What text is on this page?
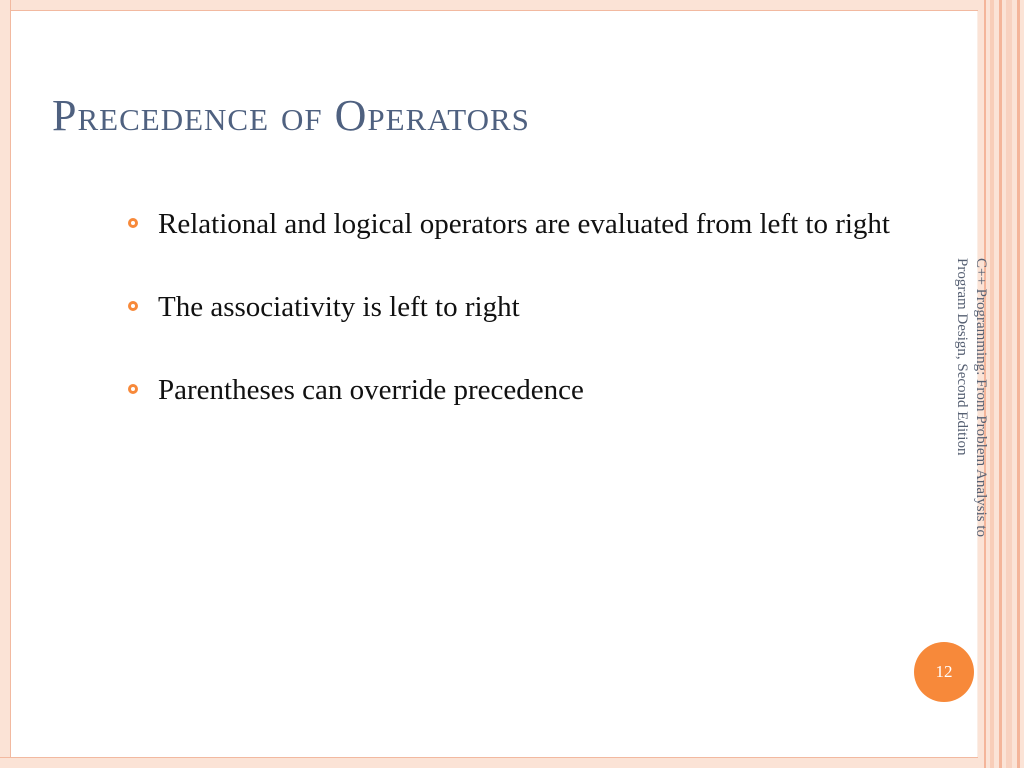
Precedence of Operators
Relational and logical operators are evaluated from left to right
The associativity is left to right
Parentheses can override precedence	C++ Programming: From Problem Analysis to Program Design, Second Edition
12
